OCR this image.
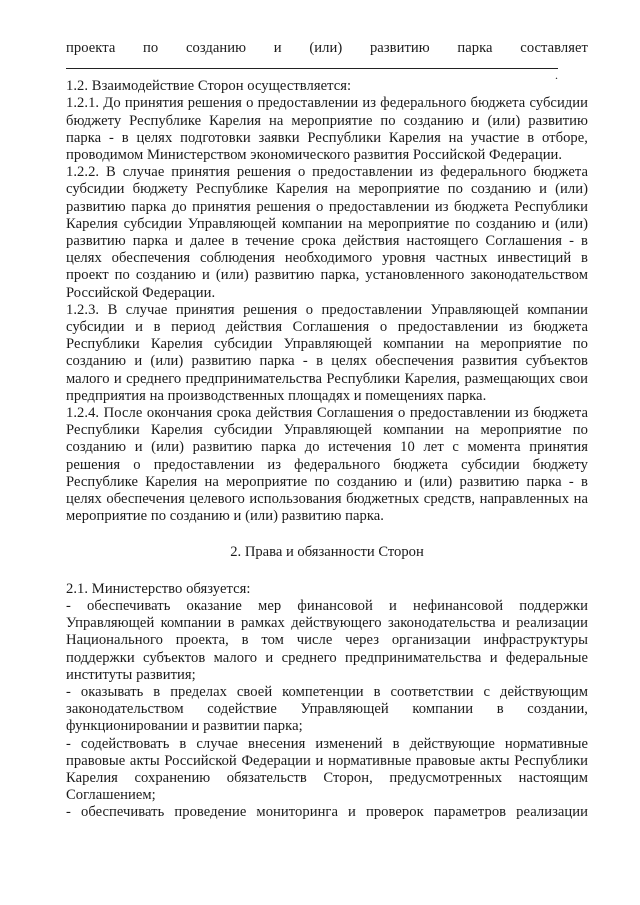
проекта по созданию и (или) развитию парка составляет

1.2. Взаимодействие Сторон осуществляется:

1.2.1. До принятия решения о предоставлении из федерального бюджета субсидии бюджету Республике Карелия на мероприятие по созданию и (или) развитию парка - в целях подготовки заявки Республики Карелия на участие в отборе, проводимом Министерством экономического развития Российской Федерации.

1.2.2. В случае принятия решения о предоставлении из федерального бюджета субсидии бюджету Республике Карелия на мероприятие по созданию и (или) развитию парка до принятия решения о предоставлении из бюджета Республики Карелия субсидии Управляющей компании на мероприятие по созданию и (или) развитию парка и далее в течение срока действия настоящего Соглашения - в целях обеспечения соблюдения необходимого уровня частных инвестиций в проект по созданию и (или) развитию парка, установленного законодательством Российской Федерации.

1.2.3. В случае принятия решения о предоставлении Управляющей компании субсидии и в период действия Соглашения о предоставлении из бюджета Республики Карелия субсидии Управляющей компании на мероприятие по созданию и (или) развитию парка - в целях обеспечения развития субъектов малого и среднего предпринимательства Республики Карелия, размещающих свои предприятия на производственных площадях и помещениях парка.

1.2.4. После окончания срока действия Соглашения о предоставлении из бюджета Республики Карелия субсидии Управляющей компании на мероприятие по созданию и (или) развитию парка до истечения 10 лет с момента принятия решения о предоставлении из федерального бюджета субсидии бюджету Республике Карелия на мероприятие по созданию и (или) развитию парка - в целях обеспечения целевого использования бюджетных средств, направленных на мероприятие по созданию и (или) развитию парка.

2. Права и обязанности Сторон

2.1. Министерство обязуется:

- обеспечивать оказание мер финансовой и нефинансовой поддержки Управляющей компании в рамках действующего законодательства и реализации Национального проекта, в том числе через организации инфраструктуры поддержки субъектов малого и среднего предпринимательства и федеральные институты развития;

- оказывать в пределах своей компетенции в соответствии с действующим законодательством содействие Управляющей компании в создании, функционировании и развитии парка;

- содействовать в случае внесения изменений в действующие нормативные правовые акты Российской Федерации и нормативные правовые акты Республики Карелия сохранению обязательств Сторон, предусмотренных настоящим Соглашением;

- обеспечивать проведение мониторинга и проверок параметров реализации

.
